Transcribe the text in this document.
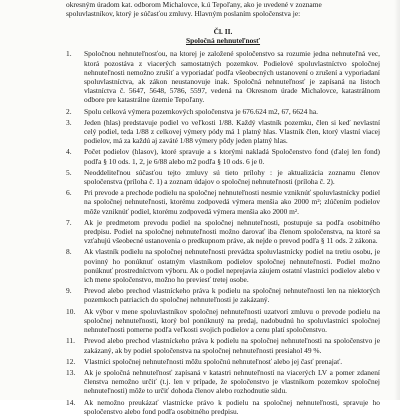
okresným úradom kat. odborom Michalovce, k.ú Tepoľany, ako je uvedené v zozname

spoluvlastníkov, ktorý je súčasťou zmluvy. Hlavným poslaním spoločenstva je:

Čl. II.
Spoločná nehnuteľnosť
1. Spoločnou nehnuteľnosťou, na ktorej je založené spoločenstvo sa rozumie jedna nehnuteľná vec, ktorá pozostáva z viacerých samostatných pozemkov. Podielové spoluvlastníctvo spoločnej nehnuteľnosti nemožno zrušiť a vyporiadať podľa všeobecných ustanovení o zrušení a vyporiadaní spoluvlastníctva, ak zákon neustanovuje inak. Spoločná nehnuteľnosť je zapísaná na listoch vlastníctva č. 5647, 5648, 5786, 5597, vedená na Okresnom úrade Michalovce, katastrálnom odbore pre katastrálne územie Tepoľany.
2. Spolu celková výmera pozemkových spoločenstva je 676.624 m2, 67, 6624 ha.
3. Jeden (hlas) predstavuje podiel vo veľkosti 1/88. Každý vlastník pozemku, člen si keď nevlastní celý podiel, teda 1/88 z celkovej výmery pódy má 1 platný hlas. Vlastník člen, ktorý vlastní viacej podielov, má za každú aj zaváté 1/88 výmery pôdy jeden platný hlas.
4. Počet podielov (hlasov), ktoré spravuje a s ktorými nakladá Spoločenstvo fond (ďalej len fond) podľa § 10 ods. 1, 2, je 6/88 alebo m2 podľa § 10 ods. 6 je 0.
5. Neoddeliteľnou súčasťou tejto zmluvy sú tieto prílohy : je aktualizácia zoznamu členov spoločenstva (príloha č. 1) a zoznam údajov o spoločnej nehnuteľnosti (príloha č. 2).
6. Pri prevode a prechode podielu na spoločnej nehnuteľnosti nesmie vzniknúť spoluvlastnícky podiel na spoločnej nehnuteľnosti, ktorému zodpovedá výmera menšia ako 2000 m²; zlúčením podielov môže vzniknúť podiel, ktorému zodpovedá výmera menšia ako 2000 m².
7. Ak je predmetom prevodu podiel na spoločnej nehnuteľnosti, postupuje sa podľa osobitného predpisu. Podiel na spoločnej nehnuteľnosti možno darovať iba členom spoločenstva, na ktoré sa vzťahujú všeobecné ustanovenia o predkupnom práve, ak nejde o prevod podľa § 11 ods. 2 zákona.
8. Ak vlastník podielu na spoločnej nehnuteľnosti prevádza spoluvlastnícky podiel na tretiu osobu, je povinný ho ponúknuť ostatným vlastníkom podielov spoločnej nehnuteľnosti. Podiel možno ponúknuť prostredníctvom výboru. Ak o podiel neprejavia záujem ostatní vlastníci podielov alebo v ich mene spoločenstvo, možno ho previesť tretej osobe.
9. Prevod alebo prechod vlastníckeho práva k podielu na spoločnej nehnuteľnosti len na niektorých pozemkoch patriacich do spoločnej nehnuteľnosti je zakázaný.
10. Ak výbor v mene spoluvlastníkov spoločnej nehnuteľnosti uzatvorí zmluvu o prevode podielu na spoločnej nehnuteľnosti, ktorý bol ponúknutý na predaj, nadobudnú ho spoluvlastníci spoločnej nehnuteľnosti pomerne podľa veľkosti svojich podielov a cenu platí spoločenstvo.
11. Prevod alebo prechod vlastníckeho práva k podielu na spoločnej nehnuteľnosti na spoločenstvo je zakázaný, ak by podiel spoločenstva na spoločnej nehnuteľnosti presiahol 49 %.
12. Vlastníci spoločnej nehnuteľnosti môžu spoločnú nehnuteľnosť alebo jej časť prenajať.
13. Ak je spoločná nehnuteľnosť zapísaná v katastri nehnuteľností na viacerých LV a pomer zdanení členstva nemožno určiť (t.j. len v prípade, že spoločenstvo je vlastníkom pozemkov spoločnej nehnuteľnosti) môže to určiť dohoda členov alebo rozhodnutie súdu.
14. Ak nemožno preukázať vlastnícke právo k podielu na spoločnej nehnuteľnosti, spravuje ho spoločenstvo alebo fond podľa osobitného predpisu.
